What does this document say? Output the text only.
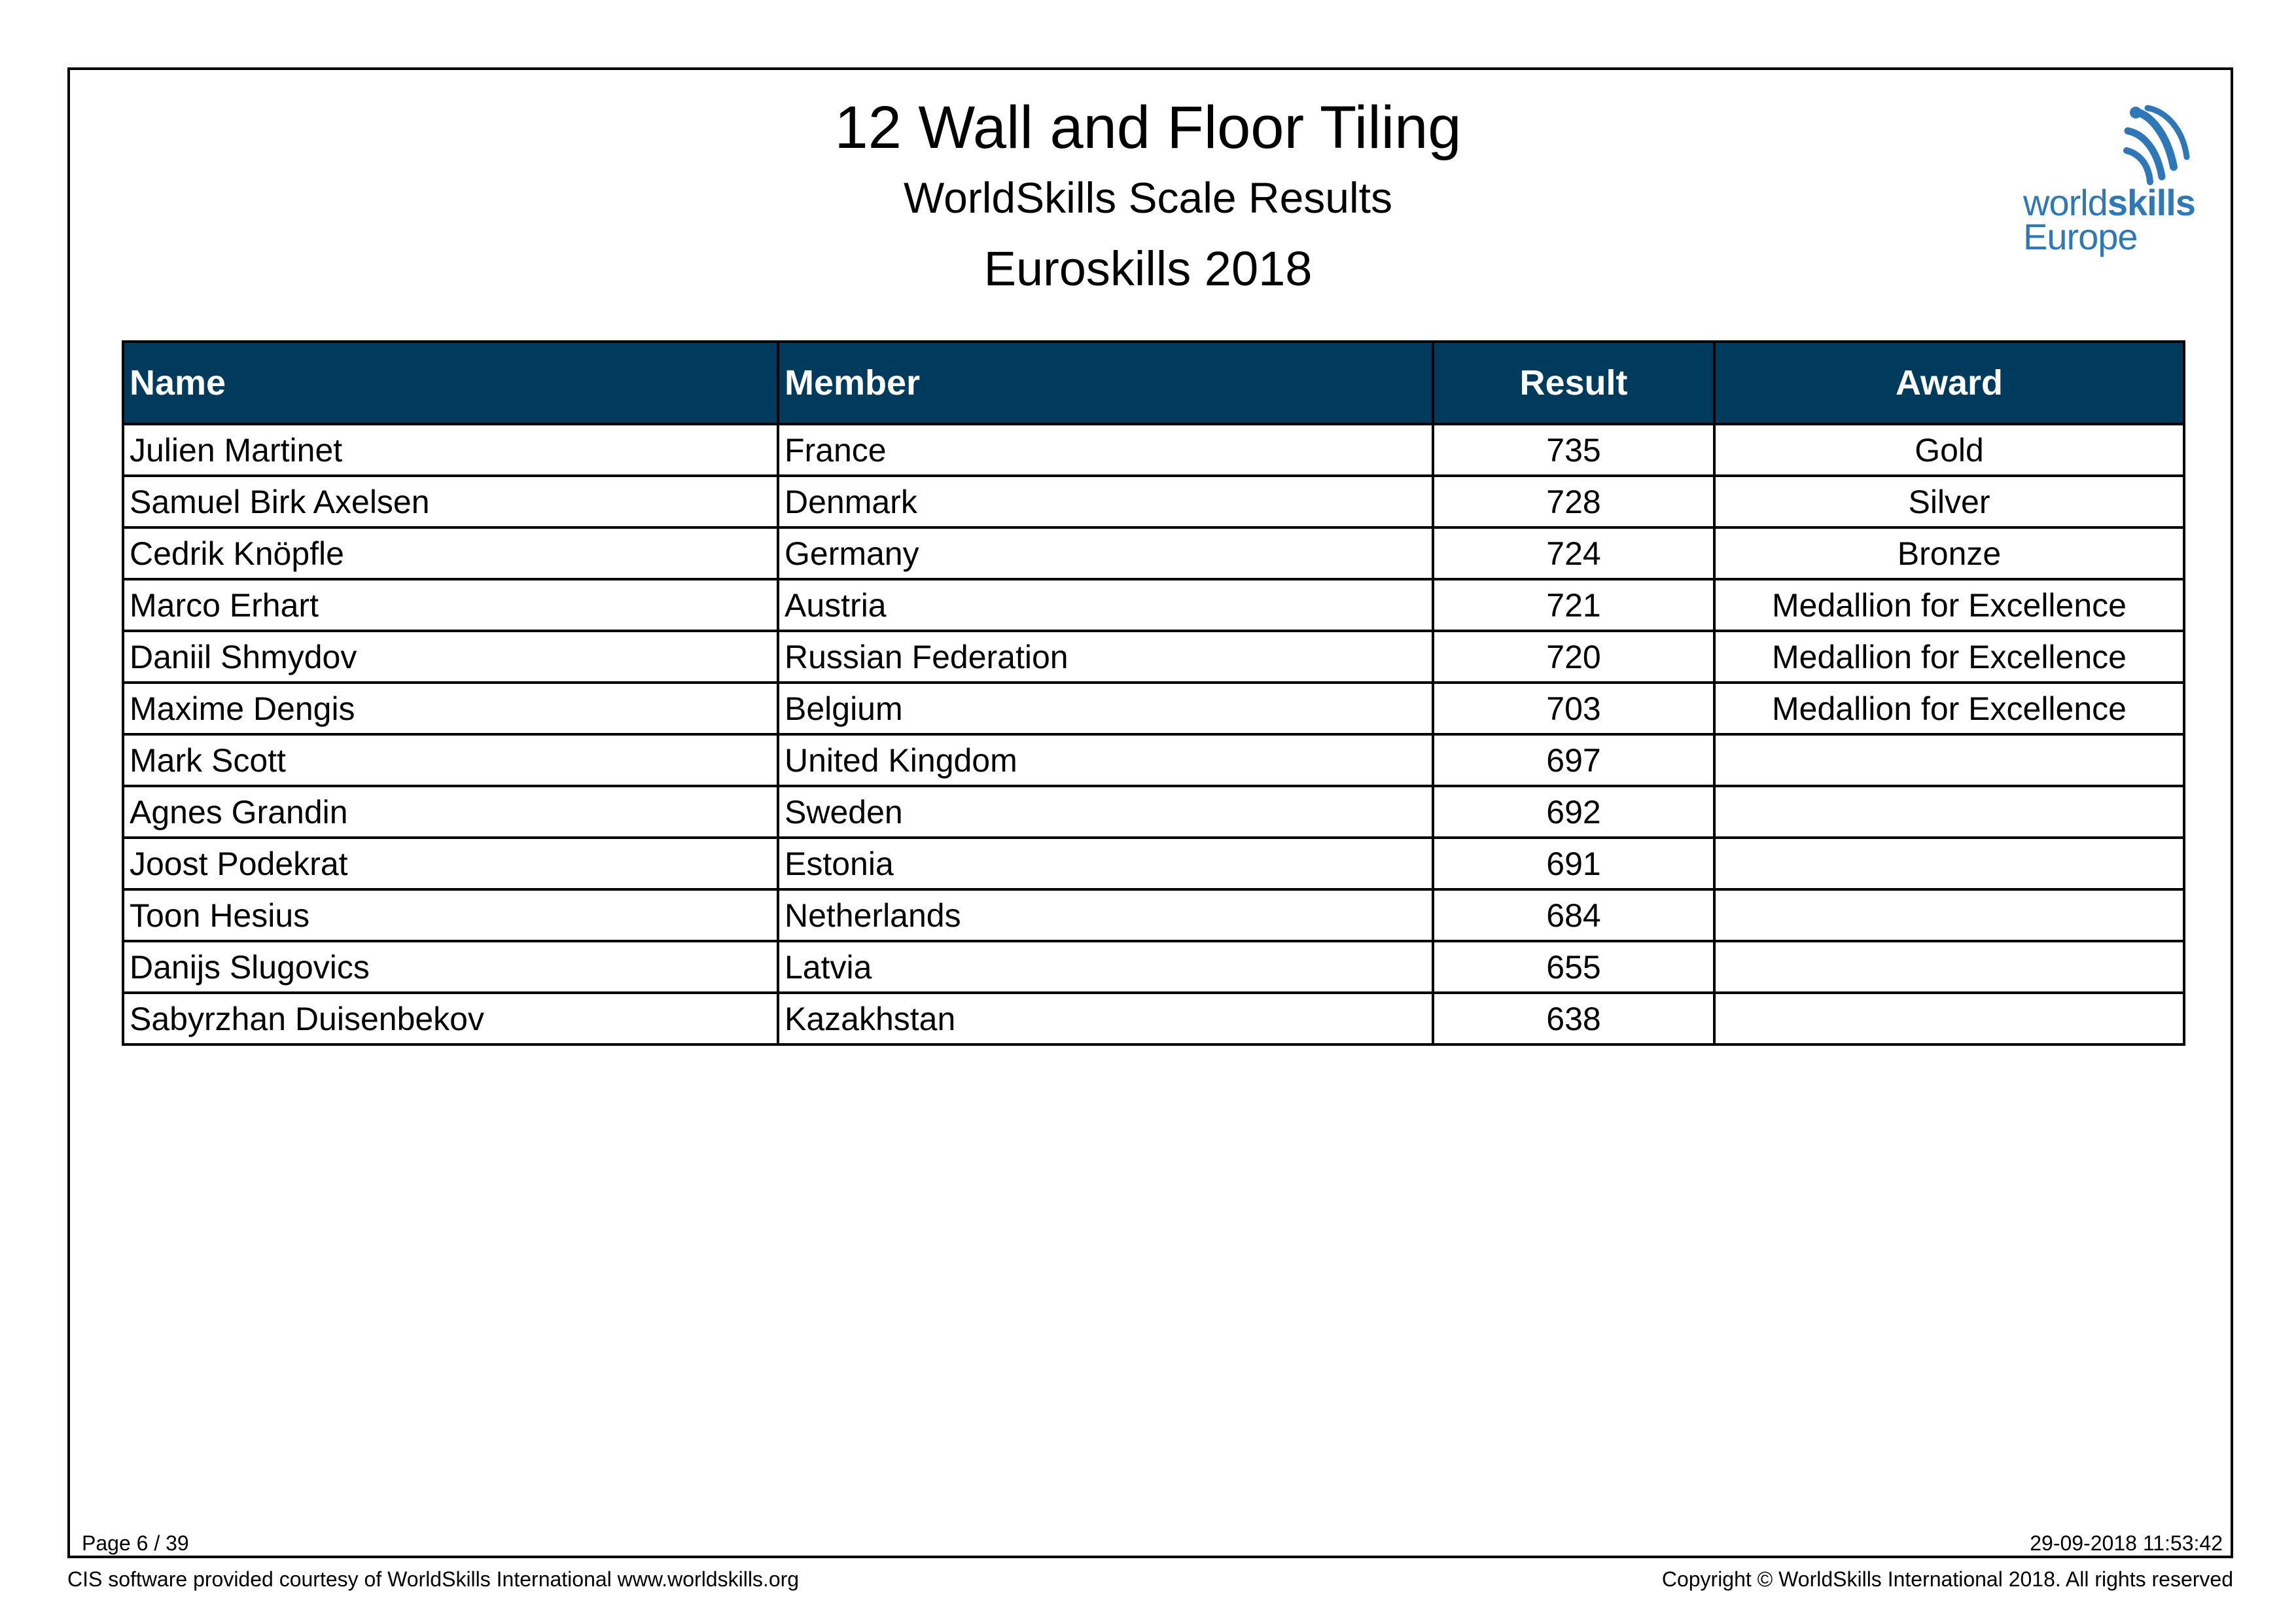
12 Wall and Floor Tiling
WorldSkills Scale Results
Euroskills 2018
worldskills
Europe
Name	Member	Result	Award
Julien Martinet	France	735	Gold
Samuel Birk Axelsen	Denmark	728	Silver
Cedrik Knöpfle	Germany	724	Bronze
Marco Erhart	Austria	721	Medallion for Excellence
Daniil Shmydov	Russian Federation	720	Medallion for Excellence
Maxime Dengis	Belgium	703	Medallion for Excellence
Mark Scott	United Kingdom	697	
Agnes Grandin	Sweden	692	
Joost Podekrat	Estonia	691	
Toon Hesius	Netherlands	684	
Danijs Slugovics	Latvia	655	
Sabyrzhan Duisenbekov	Kazakhstan	638	
Page 6 / 39	29-09-2018 11:53:42
CIS software provided courtesy of WorldSkills International www.worldskills.org	Copyright © WorldSkills International 2018. All rights reserved
